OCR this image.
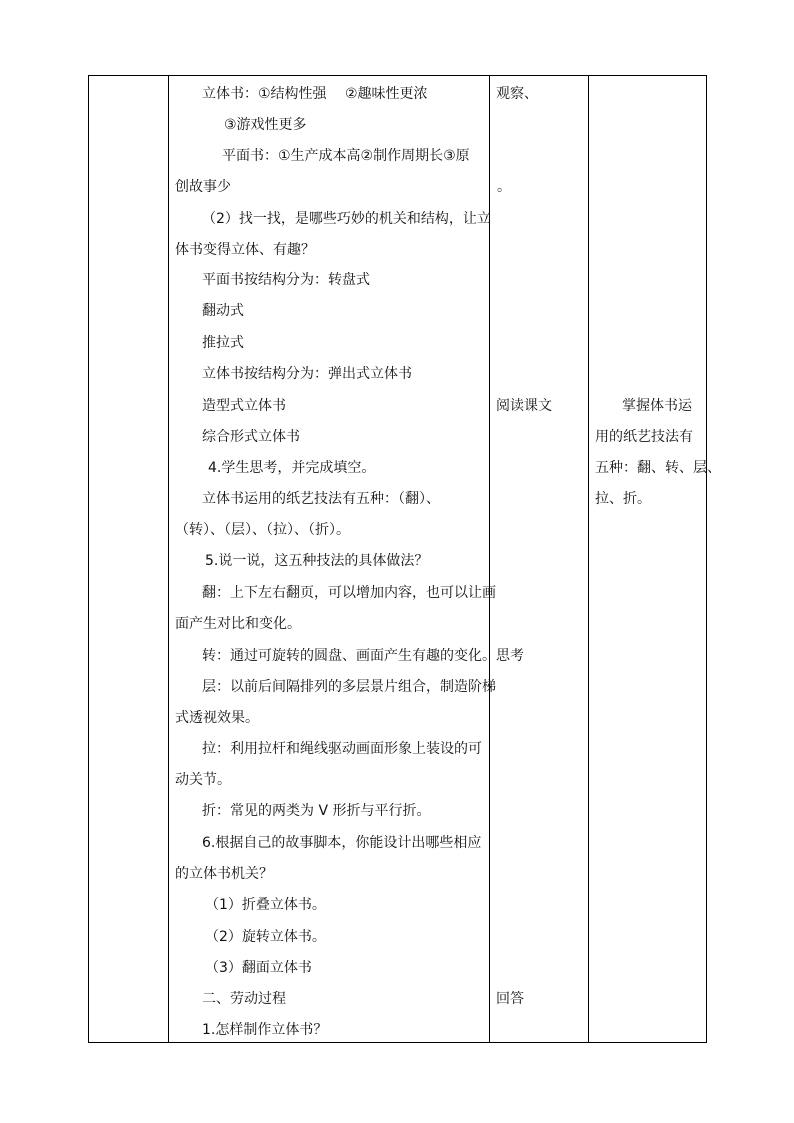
立体书：①结构性强　 ②趣味性更浓
③游戏性更多
平面书：①生产成本高②制作周期长③原
创故事少
（2）找一找，是哪些巧妙的机关和结构，让立
体书变得立体、有趣？
平面书按结构分为：转盘式
翻动式
推拉式
立体书按结构分为：弹出式立体书
造型式立体书
综合形式立体书
4.学生思考，并完成填空。
立体书运用的纸艺技法有五种：（翻）、
（转）、（层）、（拉）、（折）。
5.说一说，这五种技法的具体做法？
翻：上下左右翻页，可以增加内容，也可以让画
面产生对比和变化。
转：通过可旋转的圆盘、画面产生有趣的变化。
层：以前后间隔排列的多层景片组合，制造阶梯
式透视效果。
拉：利用拉杆和绳线驱动画面形象上装设的可
动关节。
折：常见的两类为 V 形折与平行折。
6.根据自己的故事脚本，你能设计出哪些相应
的立体书机关？
（1）折叠立体书。
（2）旋转立体书。
（3）翻面立体书
二、劳动过程
1.怎样制作立体书？
观察、
。
阅读课文
思考
回答
掌握体书运
用的纸艺技法有
五种：翻、转、层、
拉、折。
